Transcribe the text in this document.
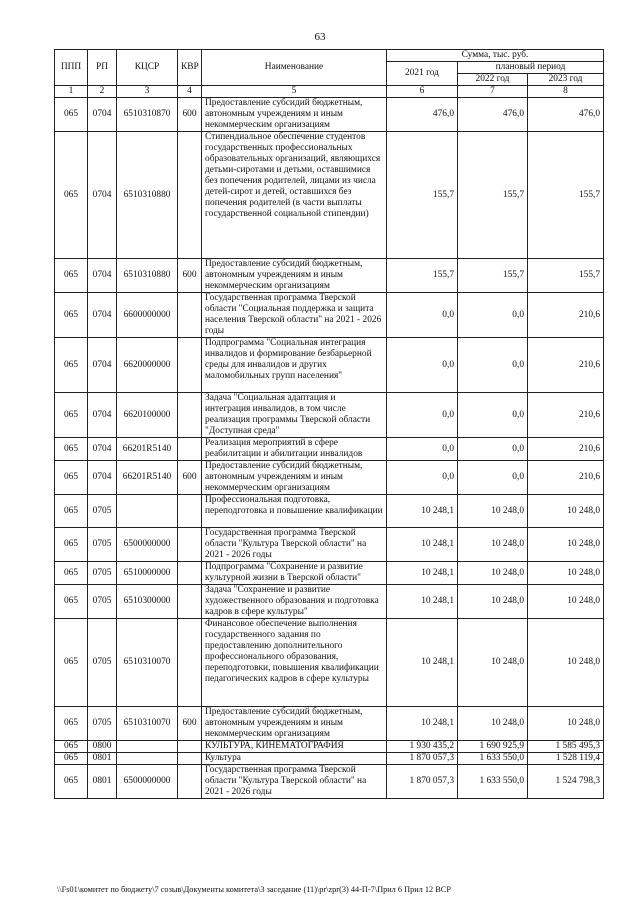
63
ППП	РП	КЦСР	КВР	Наименование	Сумма, тыс. руб.		
					2021 год	плановый период	
						2022 год	2023 год
1	2	3	4	5	6	7	8
065	0704	6510310870	600	Предоставление субсидий бюджетным, автономным учреждениям и иным некоммерческим организациям	476,0	476,0	476,0
065	0704	6510310880		Стипендиальное обеспечение студентов государственных профессиональных образовательных организаций, являющихся детьми-сиротами и детьми, оставшимися без попечения родителей, лицами из числа детей-сирот и детей, оставшихся без попечения родителей (в части выплаты государственной социальной стипендии)	155,7	155,7	155,7
065	0704	6510310880	600	Предоставление субсидий бюджетным, автономным учреждениям и иным некоммерческим организациям	155,7	155,7	155,7
065	0704	6600000000		Государственная программа Тверской области "Социальная поддержка и защита населения Тверской области" на 2021 - 2026 годы	0,0	0,0	210,6
065	0704	6620000000		Подпрограмма "Социальная интеграция инвалидов и формирование безбарьерной среды для инвалидов и других маломобильных групп населения"	0,0	0,0	210,6
065	0704	6620100000		Задача "Социальная адаптация и интеграция инвалидов, в том числе реализация программы Тверской области "Доступная среда"	0,0	0,0	210,6
065	0704	66201R5140		Реализация мероприятий в сфере реабилитации и абилитации инвалидов	0,0	0,0	210,6
065	0704	66201R5140	600	Предоставление субсидий бюджетным, автономным учреждениям и иным некоммерческим организациям	0,0	0,0	210,6
065	0705			Профессиональная подготовка, переподготовка и повышение квалификации	10 248,1	10 248,0	10 248,0
065	0705	6500000000		Государственная программа Тверской области "Культура Тверской области" на 2021 - 2026 годы	10 248,1	10 248,0	10 248,0
065	0705	6510000000		Подпрограмма "Сохранение и развитие культурной жизни в Тверской области"	10 248,1	10 248,0	10 248,0
065	0705	6510300000		Задача "Сохранение и развитие художественного образования и подготовка кадров в сфере культуры"	10 248,1	10 248,0	10 248,0
065	0705	6510310070		Финансовое обеспечение выполнения государственного задания по предоставлению дополнительного профессионального образования, переподготовки, повышения квалификации педагогических кадров в сфере культуры	10 248,1	10 248,0	10 248,0
065	0705	6510310070	600	Предоставление субсидий бюджетным, автономным учреждениям и иным некоммерческим организациям	10 248,1	10 248,0	10 248,0
065	0800			КУЛЬТУРА, КИНЕМАТОГРАФИЯ	1 930 435,2	1 690 925,9	1 585 495,3
065	0801			Культура	1 870 057,3	1 633 550,0	1 528 119,4
065	0801	6500000000		Государственная программа Тверской области "Культура Тверской области" на 2021 - 2026 годы	1 870 057,3	1 633 550,0	1 524 798,3
\\Fs01\комитет по бюджету\7 созыв\Документы комитета\3 заседание (11)\pr\zpr(3) 44-П-7\Прил 6 Прил 12 ВСР
